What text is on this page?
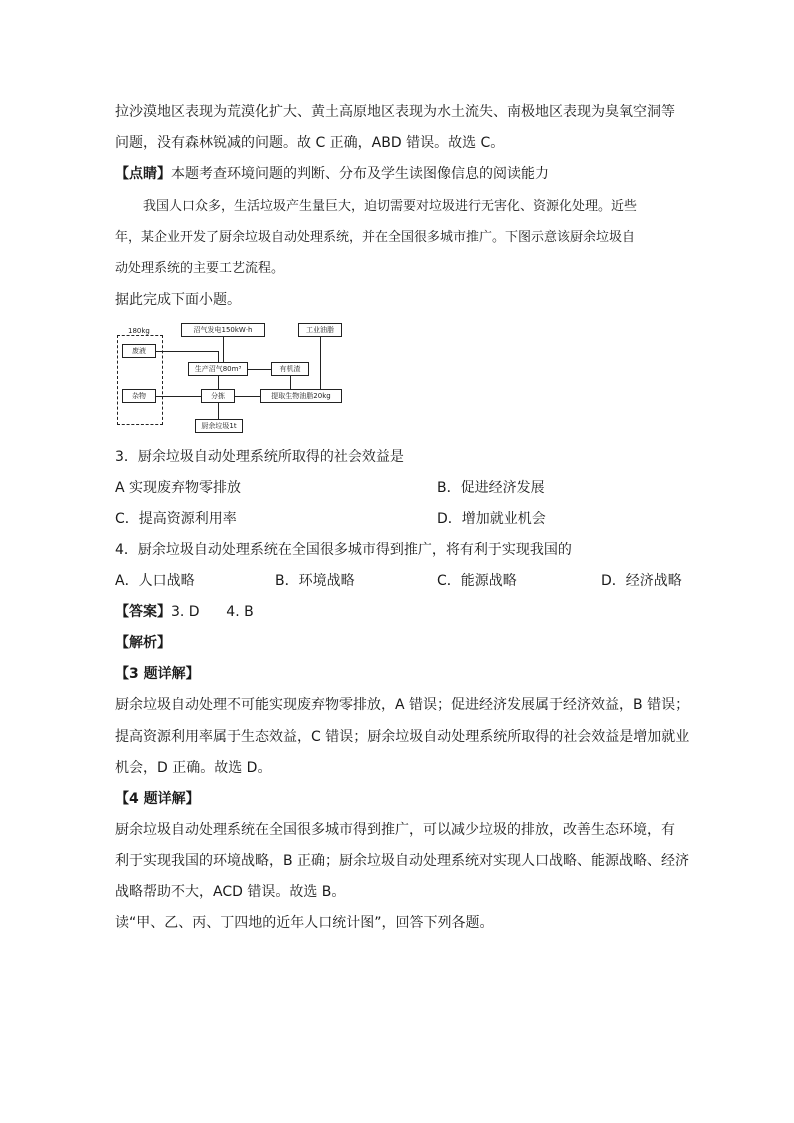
拉沙漠地区表现为荒漠化扩大、黄土高原地区表现为水土流失、南极地区表现为臭氧空洞等
问题，没有森林锐减的问题。故 C 正确，ABD 错误。故选 C。
【点睛】本题考查环境问题的判断、分布及学生读图像信息的阅读能力
我国人口众多，生活垃圾产生量巨大，迫切需要对垃圾进行无害化、资源化处理。近些
年，某企业开发了厨余垃圾自动处理系统，并在全国很多城市推广。下图示意该厨余垃圾自
动处理系统的主要工艺流程。
据此完成下面小题。
180kg
废液
杂物
沼气发电150kW·h
生产沼气80m³
分拣
厨余垃圾1t
有机渣
工业油脂
提取生物油脂20kg
3．厨余垃圾自动处理系统所取得的社会效益是
A 实现废弃物零排放	B．促进经济发展
C．提高资源利用率	D．增加就业机会
4．厨余垃圾自动处理系统在全国很多城市得到推广，将有利于实现我国的
A．人口战略	B．环境战略	C．能源战略	D．经济战略
【答案】3. D      4. B
【解析】
【3 题详解】
厨余垃圾自动处理不可能实现废弃物零排放，A 错误；促进经济发展属于经济效益，B 错误；
提高资源利用率属于生态效益，C 错误；厨余垃圾自动处理系统所取得的社会效益是增加就业
机会，D 正确。故选 D。
【4 题详解】
厨余垃圾自动处理系统在全国很多城市得到推广，可以减少垃圾的排放，改善生态环境，有
利于实现我国的环境战略，B 正确；厨余垃圾自动处理系统对实现人口战略、能源战略、经济
战略帮助不大，ACD 错误。故选 B。
读“甲、乙、丙、丁四地的近年人口统计图”，回答下列各题。
